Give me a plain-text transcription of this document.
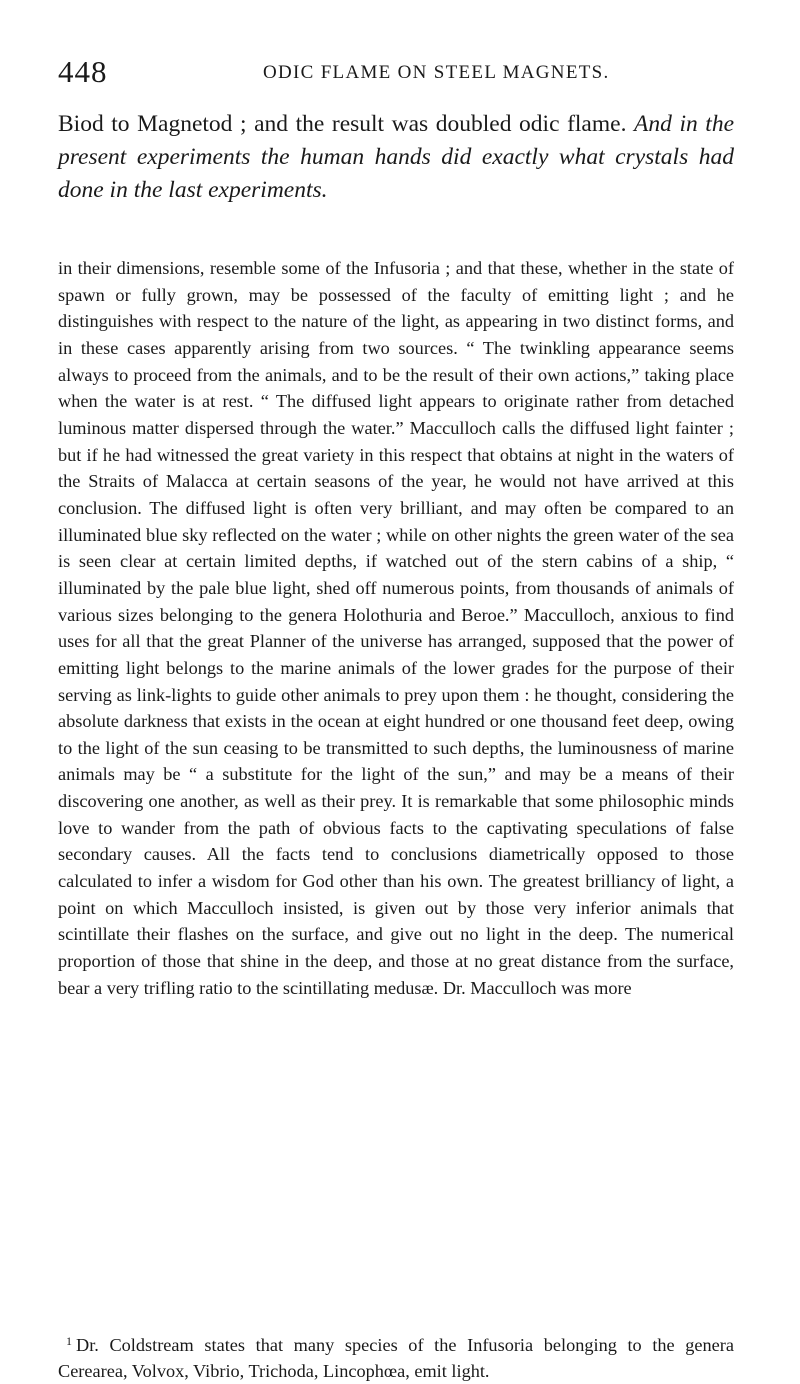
448	ODIC FLAME ON STEEL MAGNETS.
Biod to Magnetod ; and the result was doubled odic flame. And in the present experiments the human hands did exactly what crystals had done in the last experiments.

in their dimensions, resemble some of the Infusoria ; and that these, whether in the state of spawn or fully grown, may be possessed of the faculty of emitting light ; and he distinguishes with respect to the nature of the light, as appearing in two distinct forms, and in these cases apparently arising from two sources. “ The twinkling appearance seems always to proceed from the animals, and to be the result of their own actions,” taking place when the water is at rest. “ The diffused light appears to originate rather from detached luminous matter dispersed through the water.” Macculloch calls the diffused light fainter ; but if he had witnessed the great variety in this respect that obtains at night in the waters of the Straits of Malacca at certain seasons of the year, he would not have arrived at this conclusion. The diffused light is often very brilliant, and may often be compared to an illuminated blue sky reflected on the water ; while on other nights the green water of the sea is seen clear at certain limited depths, if watched out of the stern cabins of a ship, “ illuminated by the pale blue light, shed off numerous points, from thousands of animals of various sizes belonging to the genera Holothuria and Beroe.” Macculloch, anxious to find uses for all that the great Planner of the universe has arranged, supposed that the power of emitting light belongs to the marine animals of the lower grades for the purpose of their serving as link-lights to guide other animals to prey upon them : he thought, considering the absolute darkness that exists in the ocean at eight hundred or one thousand feet deep, owing to the light of the sun ceasing to be transmitted to such depths, the luminousness of marine animals may be “ a substitute for the light of the sun,” and may be a means of their discovering one another, as well as their prey. It is remarkable that some philosophic minds love to wander from the path of obvious facts to the captivating speculations of false secondary causes. All the facts tend to conclusions diametrically opposed to those calculated to infer a wisdom for God other than his own. The greatest brilliancy of light, a point on which Macculloch insisted, is given out by those very inferior animals that scintillate their flashes on the surface, and give out no light in the deep. The numerical proportion of those that shine in the deep, and those at no great distance from the surface, bear a very trifling ratio to the scintillating medusæ. Dr. Macculloch was more

$^1$ Dr. Coldstream states that many species of the Infusoria belonging to the genera Cerearea, Volvox, Vibrio, Trichoda, Lincophœa, emit light.
